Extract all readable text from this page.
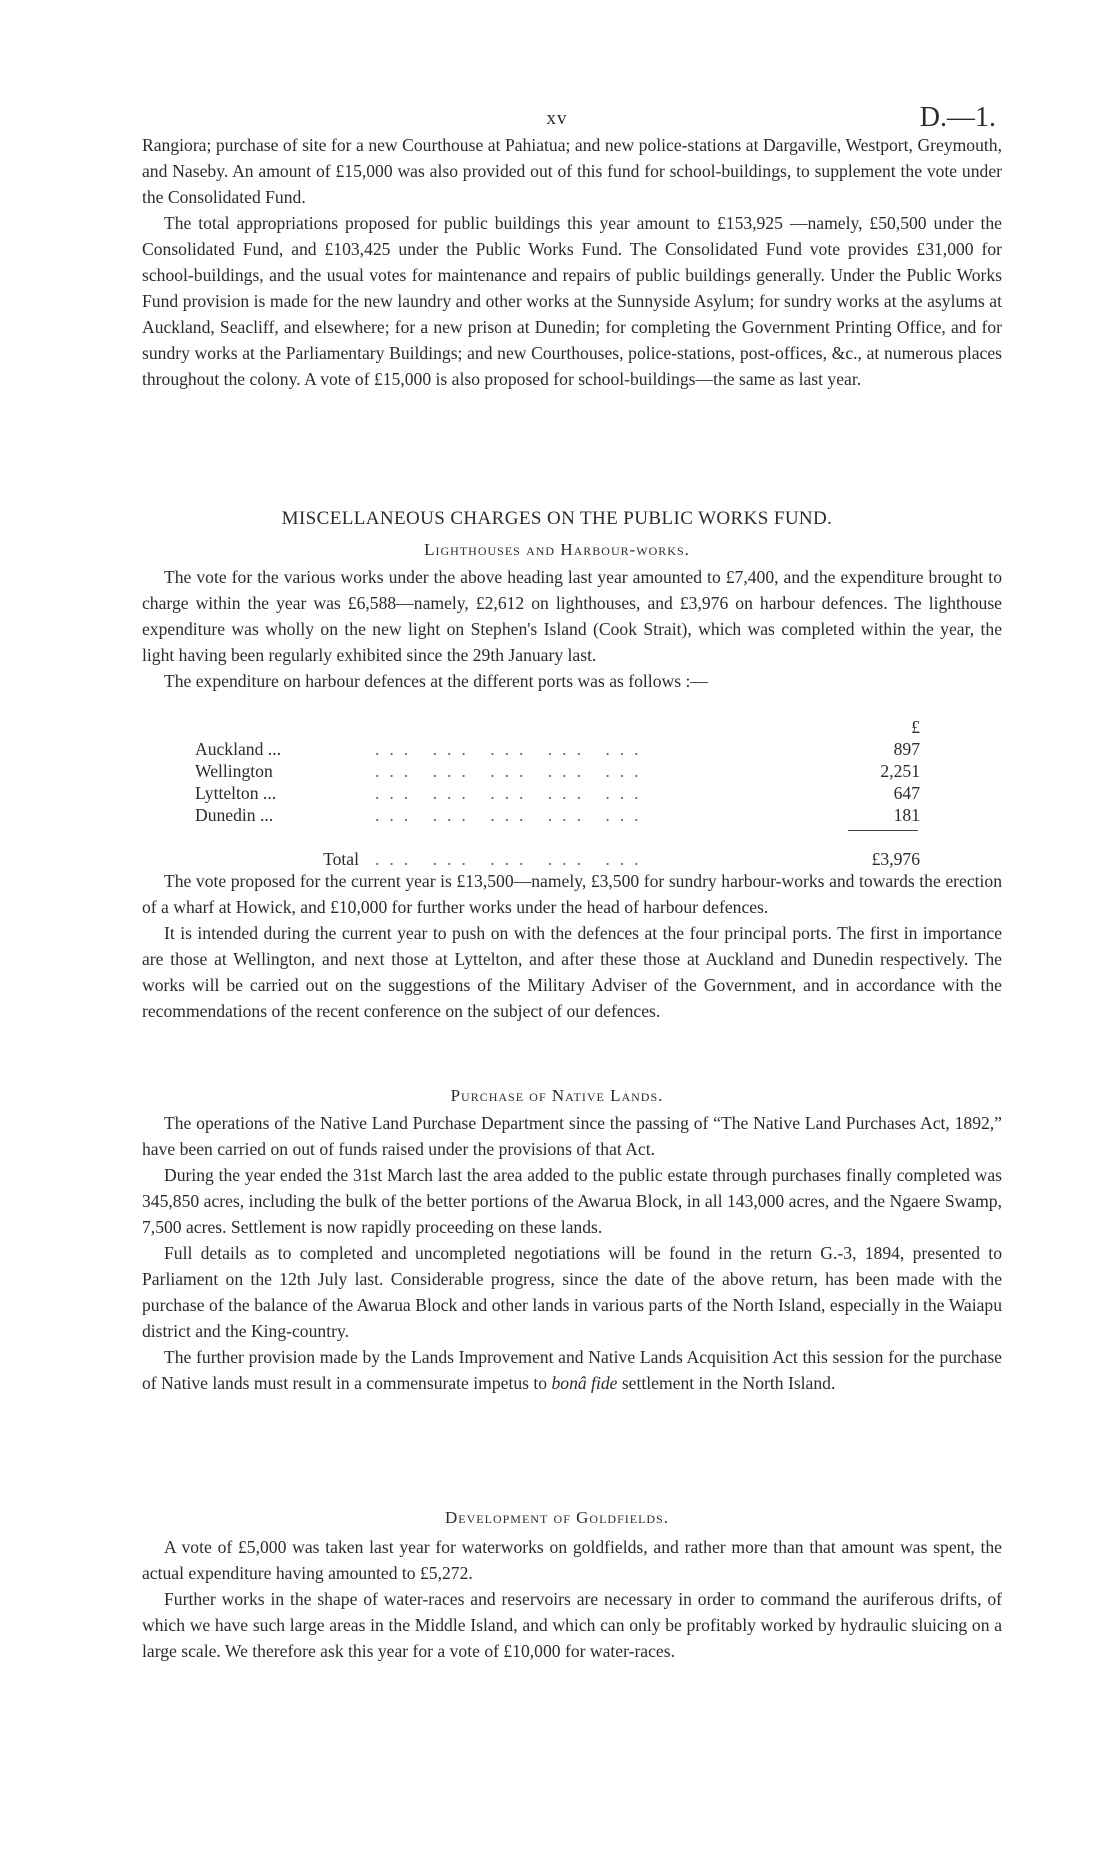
xv	D.—1.

Rangiora; purchase of site for a new Courthouse at Pahiatua; and new police-stations at Dargaville, Westport, Greymouth, and Naseby. An amount of £15,000 was also provided out of this fund for school-buildings, to supplement the vote under the Consolidated Fund.

The total appropriations proposed for public buildings this year amount to £153,925 —namely, £50,500 under the Consolidated Fund, and £103,425 under the Public Works Fund. The Consolidated Fund vote provides £31,000 for school-buildings, and the usual votes for maintenance and repairs of public buildings generally. Under the Public Works Fund provision is made for the new laundry and other works at the Sunnyside Asylum; for sundry works at the asylums at Auckland, Seacliff, and elsewhere; for a new prison at Dunedin; for completing the Government Printing Office, and for sundry works at the Parliamentary Buildings; and new Courthouses, police-stations, post-offices, &c., at numerous places throughout the colony. A vote of £15,000 is also proposed for school-buildings—the same as last year.

MISCELLANEOUS CHARGES ON THE PUBLIC WORKS FUND.
Lighthouses and Harbour-works.

The vote for the various works under the above heading last year amounted to £7,400, and the expenditure brought to charge within the year was £6,588—namely, £2,612 on lighthouses, and £3,976 on harbour defences. The lighthouse expenditure was wholly on the new light on Stephen's Island (Cook Strait), which was completed within the year, the light having been regularly exhibited since the 29th January last.

The expenditure on harbour defences at the different ports was as follows :—

		£
Auckland ...	... ... ... ... ...	897
Wellington	... ... ... ... ...	2,251
Lyttelton ...	... ... ... ... ...	647
Dunedin ...	... ... ... ... ...	181

Total	... ... ... ... ...	£3,976

The vote proposed for the current year is £13,500—namely, £3,500 for sundry harbour-works and towards the erection of a wharf at Howick, and £10,000 for further works under the head of harbour defences.

It is intended during the current year to push on with the defences at the four principal ports. The first in importance are those at Wellington, and next those at Lyttelton, and after these those at Auckland and Dunedin respectively. The works will be carried out on the suggestions of the Military Adviser of the Government, and in accordance with the recommendations of the recent conference on the subject of our defences.

Purchase of Native Lands.

The operations of the Native Land Purchase Department since the passing of “The Native Land Purchases Act, 1892,” have been carried on out of funds raised under the provisions of that Act.

During the year ended the 31st March last the area added to the public estate through purchases finally completed was 345,850 acres, including the bulk of the better portions of the Awarua Block, in all 143,000 acres, and the Ngaere Swamp, 7,500 acres. Settlement is now rapidly proceeding on these lands.

Full details as to completed and uncompleted negotiations will be found in the return G.-3, 1894, presented to Parliament on the 12th July last. Considerable progress, since the date of the above return, has been made with the purchase of the balance of the Awarua Block and other lands in various parts of the North Island, especially in the Waiapu district and the King-country.

The further provision made by the Lands Improvement and Native Lands Acquisition Act this session for the purchase of Native lands must result in a commensurate impetus to bonâ fide settlement in the North Island.

Development of Goldfields.

A vote of £5,000 was taken last year for waterworks on goldfields, and rather more than that amount was spent, the actual expenditure having amounted to £5,272.

Further works in the shape of water-races and reservoirs are necessary in order to command the auriferous drifts, of which we have such large areas in the Middle Island, and which can only be profitably worked by hydraulic sluicing on a large scale. We therefore ask this year for a vote of £10,000 for water-races.
